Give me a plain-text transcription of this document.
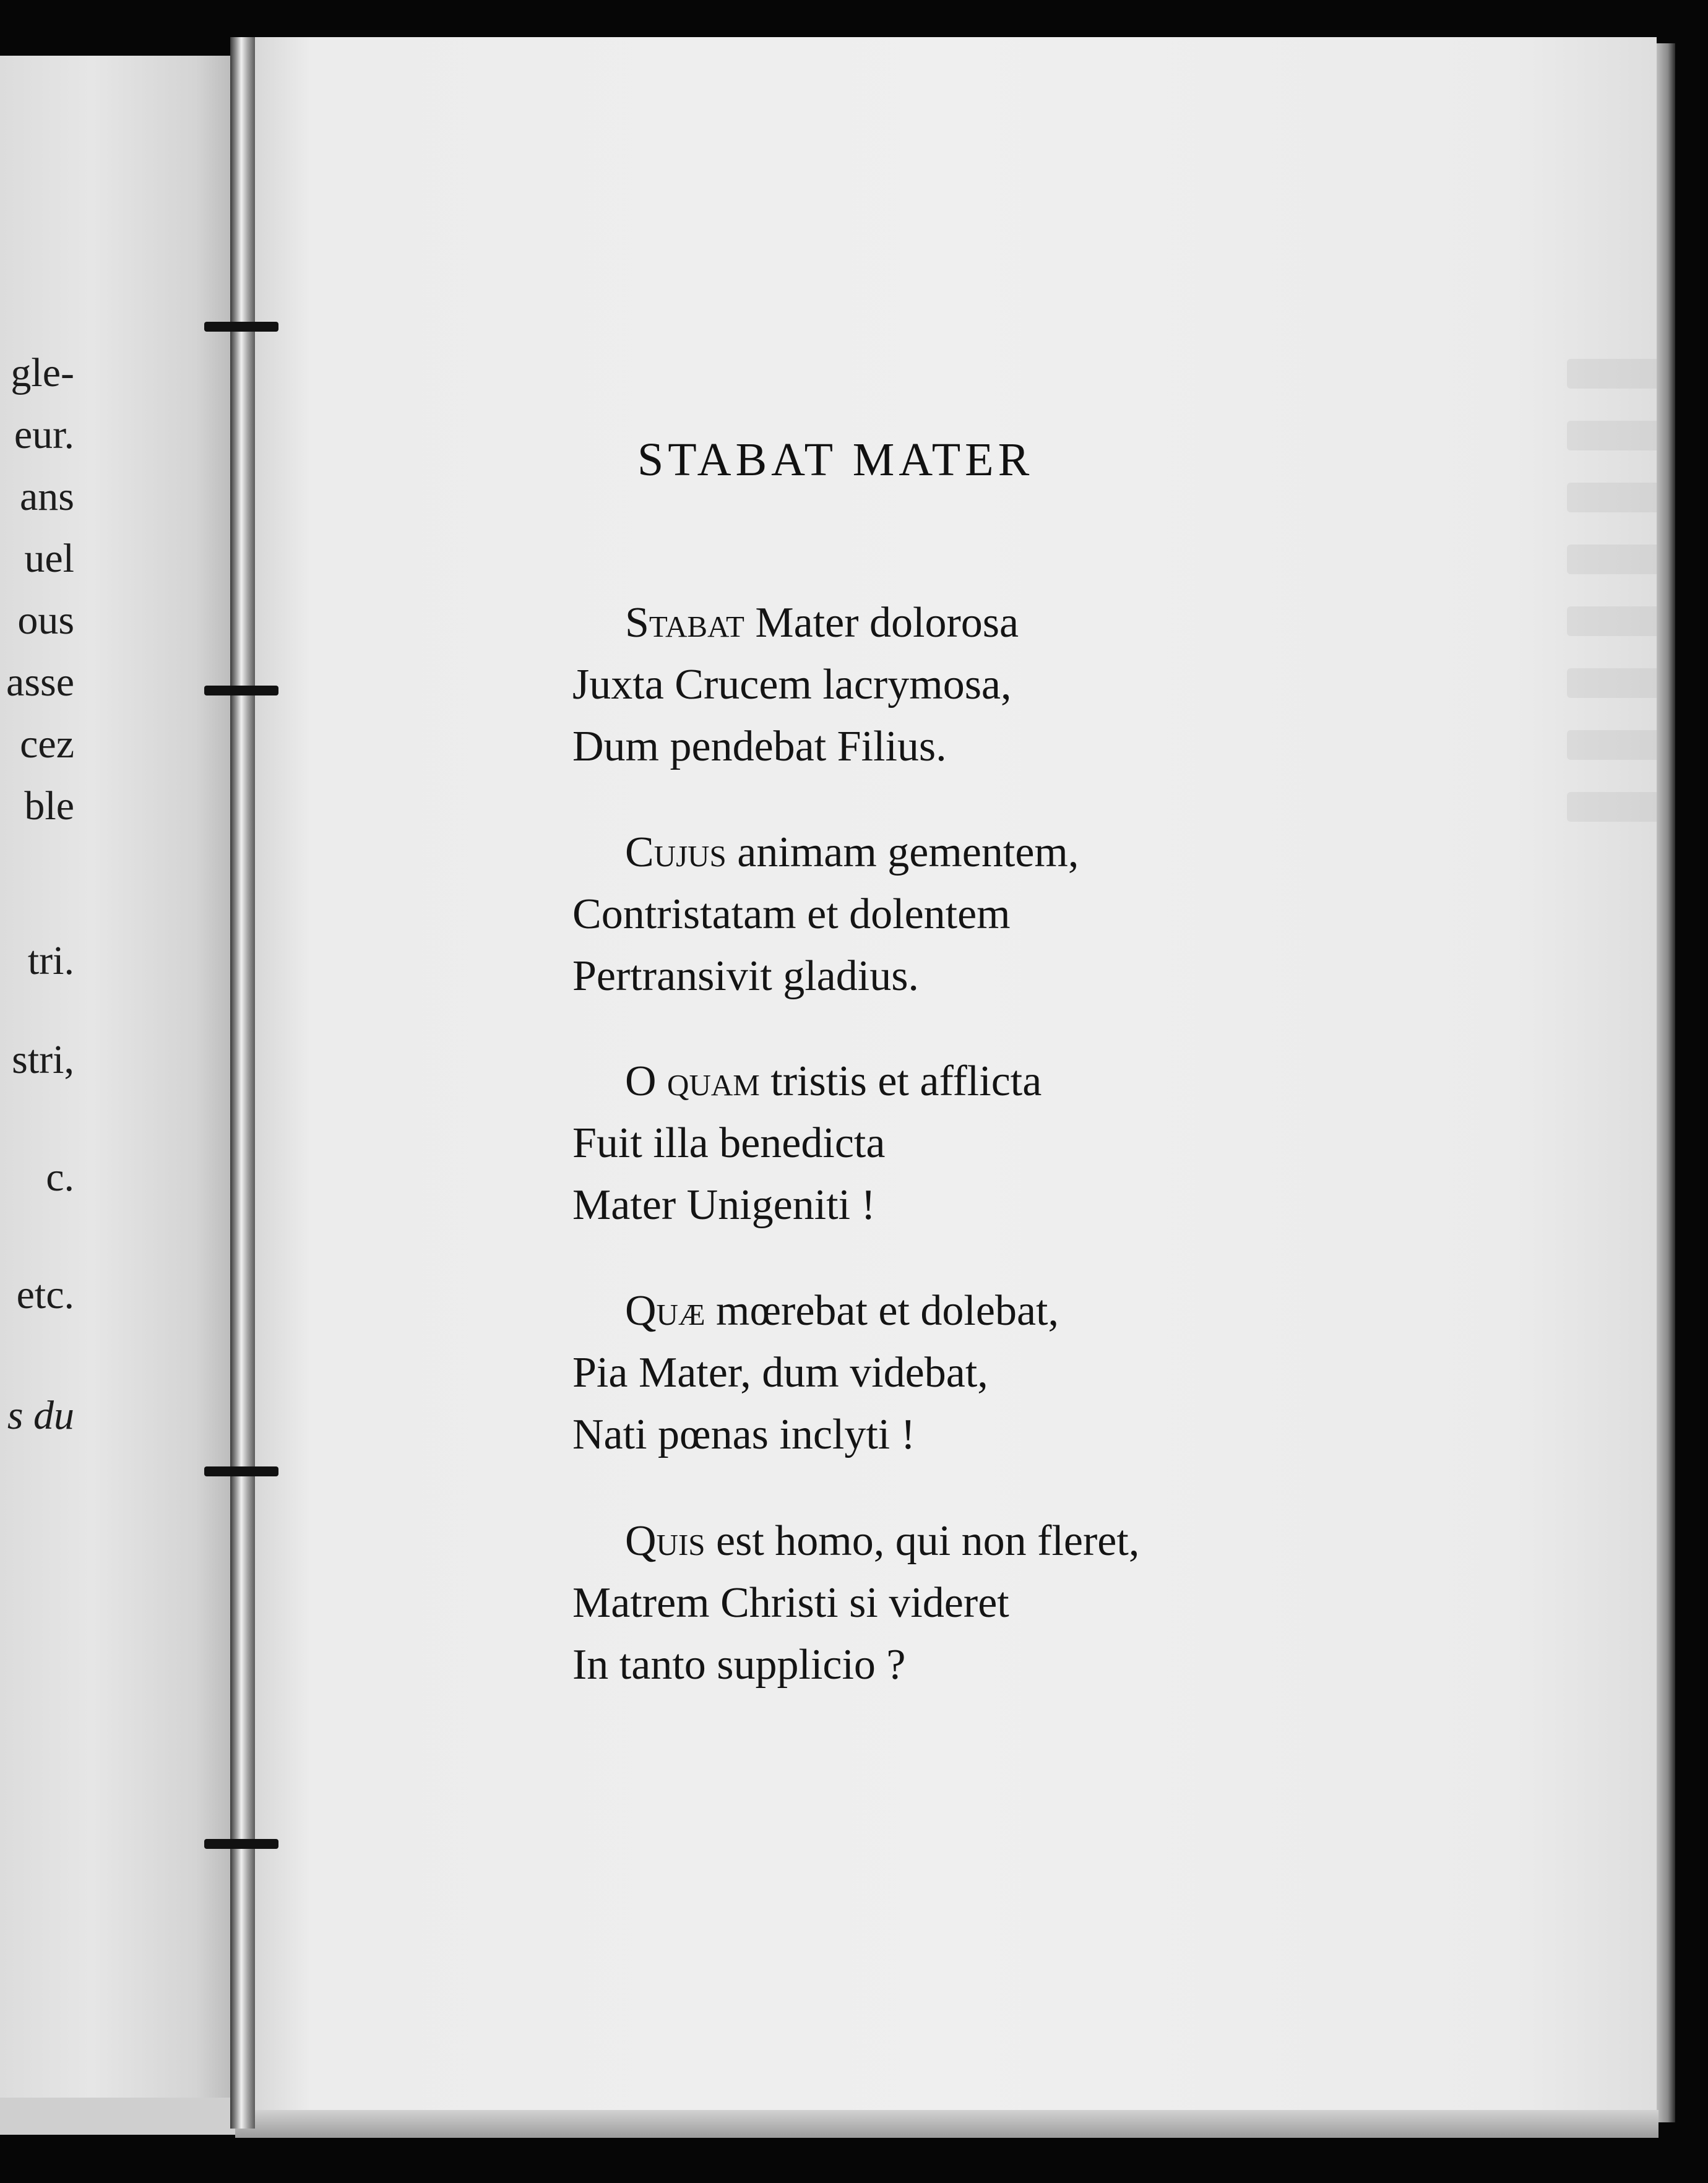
gle-
eur.
ans
uel
ous
asse
cez
ble
tri.
stri,
c.
etc.
s du
STABAT MATER
Stabat Mater dolorosa
Juxta Crucem lacrymosa,
Dum pendebat Filius.
Cujus animam gementem,
Contristatam et dolentem
Pertransivit gladius.
O quam tristis et afflicta
Fuit illa benedicta
Mater Unigeniti !
Quæ mœrebat et dolebat,
Pia Mater, dum videbat,
Nati pœnas inclyti !
Quis est homo, qui non fleret,
Matrem Christi si videret
In tanto supplicio ?
